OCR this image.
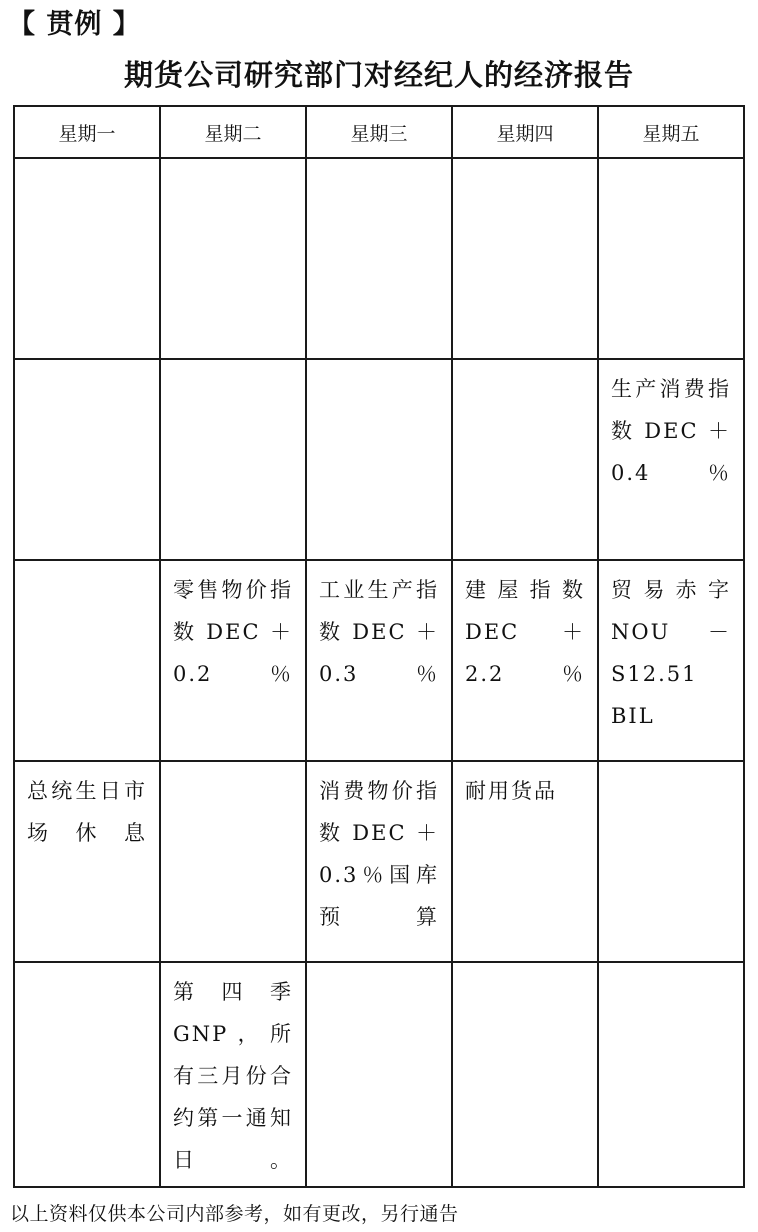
【 贯例 】
期货公司研究部门对经纪人的经济报告
星期一	星期二	星期三	星期四	星期五

				生产消费指数 DEC ＋ 0.4％

	零售物价指数 DEC ＋ 0.2％	工业生产指数 DEC ＋0.3％	建屋指数 DEC ＋ 2.2％	贸易赤字 NOU － S12.51 BIL

总统生日市场休息		消费物价指数 DEC ＋ 0.3％国库预算	耐用货品	

	第四季 GNP，所有三月份合约第一通知日。			

以上资料仅供本公司内部参考，如有更改，另行通告
